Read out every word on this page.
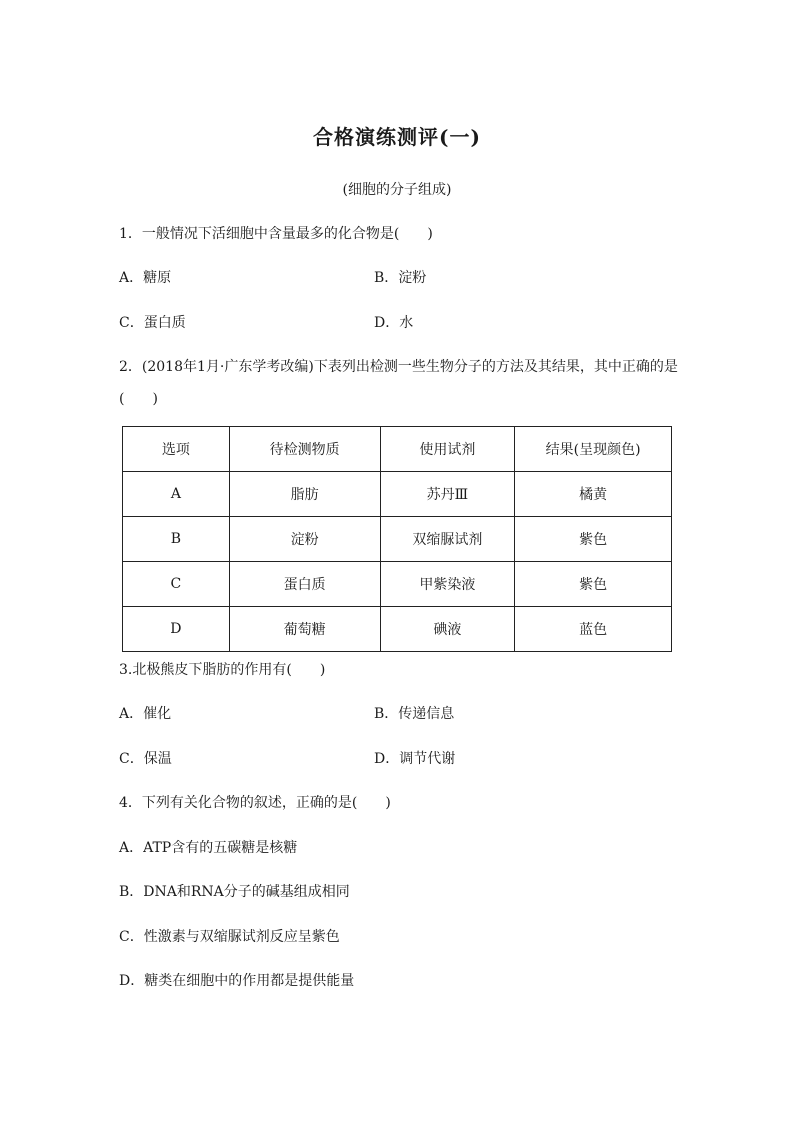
合格演练测评(一)
(细胞的分子组成)
1．一般情况下活细胞中含量最多的化合物是(　　)
A．糖原	B．淀粉
C．蛋白质	D．水
2．(2018年1月·广东学考改编)下表列出检测一些生物分子的方法及其结果，其中正确的是
(　　)
选项	待检测物质	使用试剂	结果(呈现颜色)
A	脂肪	苏丹Ⅲ	橘黄
B	淀粉	双缩脲试剂	紫色
C	蛋白质	甲紫染液	紫色
D	葡萄糖	碘液	蓝色
3.北极熊皮下脂肪的作用有(　　)
A．催化	B．传递信息
C．保温	D．调节代谢
4．下列有关化合物的叙述，正确的是(　　)
A．ATP含有的五碳糖是核糖
B．DNA和RNA分子的碱基组成相同
C．性激素与双缩脲试剂反应呈紫色
D．糖类在细胞中的作用都是提供能量
